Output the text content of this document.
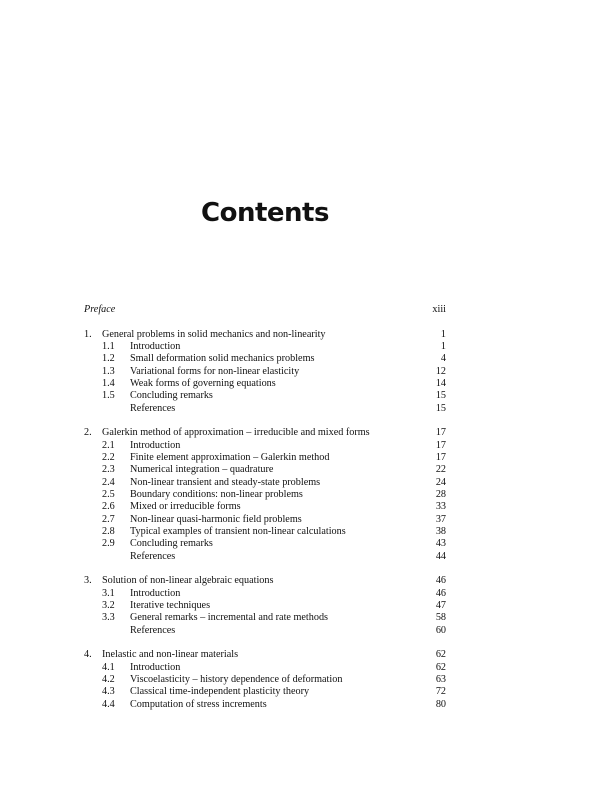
Contents
Preface	xiii
1. General problems in solid mechanics and non-linearity	1
1.1 Introduction	1
1.2 Small deformation solid mechanics problems	4
1.3 Variational forms for non-linear elasticity	12
1.4 Weak forms of governing equations	14
1.5 Concluding remarks	15
References	15
2. Galerkin method of approximation – irreducible and mixed forms	17
2.1 Introduction	17
2.2 Finite element approximation – Galerkin method	17
2.3 Numerical integration – quadrature	22
2.4 Non-linear transient and steady-state problems	24
2.5 Boundary conditions: non-linear problems	28
2.6 Mixed or irreducible forms	33
2.7 Non-linear quasi-harmonic field problems	37
2.8 Typical examples of transient non-linear calculations	38
2.9 Concluding remarks	43
References	44
3. Solution of non-linear algebraic equations	46
3.1 Introduction	46
3.2 Iterative techniques	47
3.3 General remarks – incremental and rate methods	58
References	60
4. Inelastic and non-linear materials	62
4.1 Introduction	62
4.2 Viscoelasticity – history dependence of deformation	63
4.3 Classical time-independent plasticity theory	72
4.4 Computation of stress increments	80
